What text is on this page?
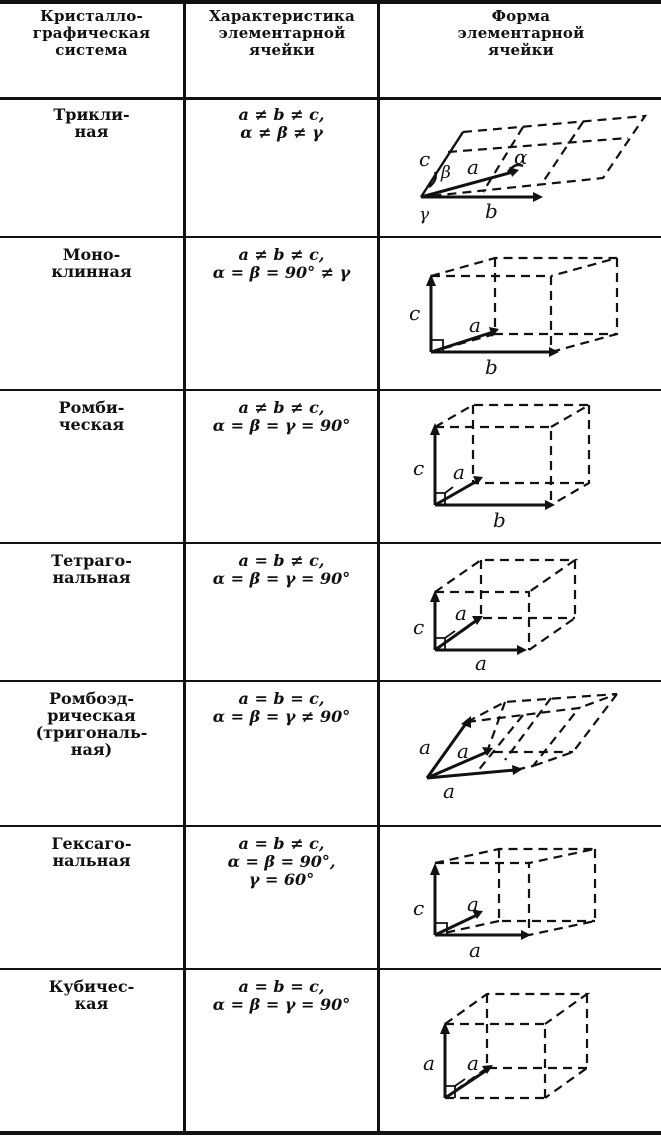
Кристалло-
графическая
система
Характеристика
элементарной
ячейки
Форма
элементарной
ячейки
Трикли-
ная
a ≠ b ≠ c,
α ≠ β ≠ γ
c
β a α
γ	b
Моно-
клинная
a ≠ b ≠ c,
α = β = 90° ≠ γ
c a
b
Ромби-
ческая
a ≠ b ≠ c,
α = β = γ = 90°
c a
b
Тетраго-
нальная
a = b ≠ c,
α = β = γ = 90°
c
a
a
Ромбоэд-
рическая
(тригональ-
ная)
a = b = c,
α = β = γ ≠ 90°
a a
a
Гексаго-
нальная
a = b ≠ c,
α = β = 90°,
γ = 60°
c a
a
Кубичес-
кая
a = b = c,
α = β = γ = 90°
a a
